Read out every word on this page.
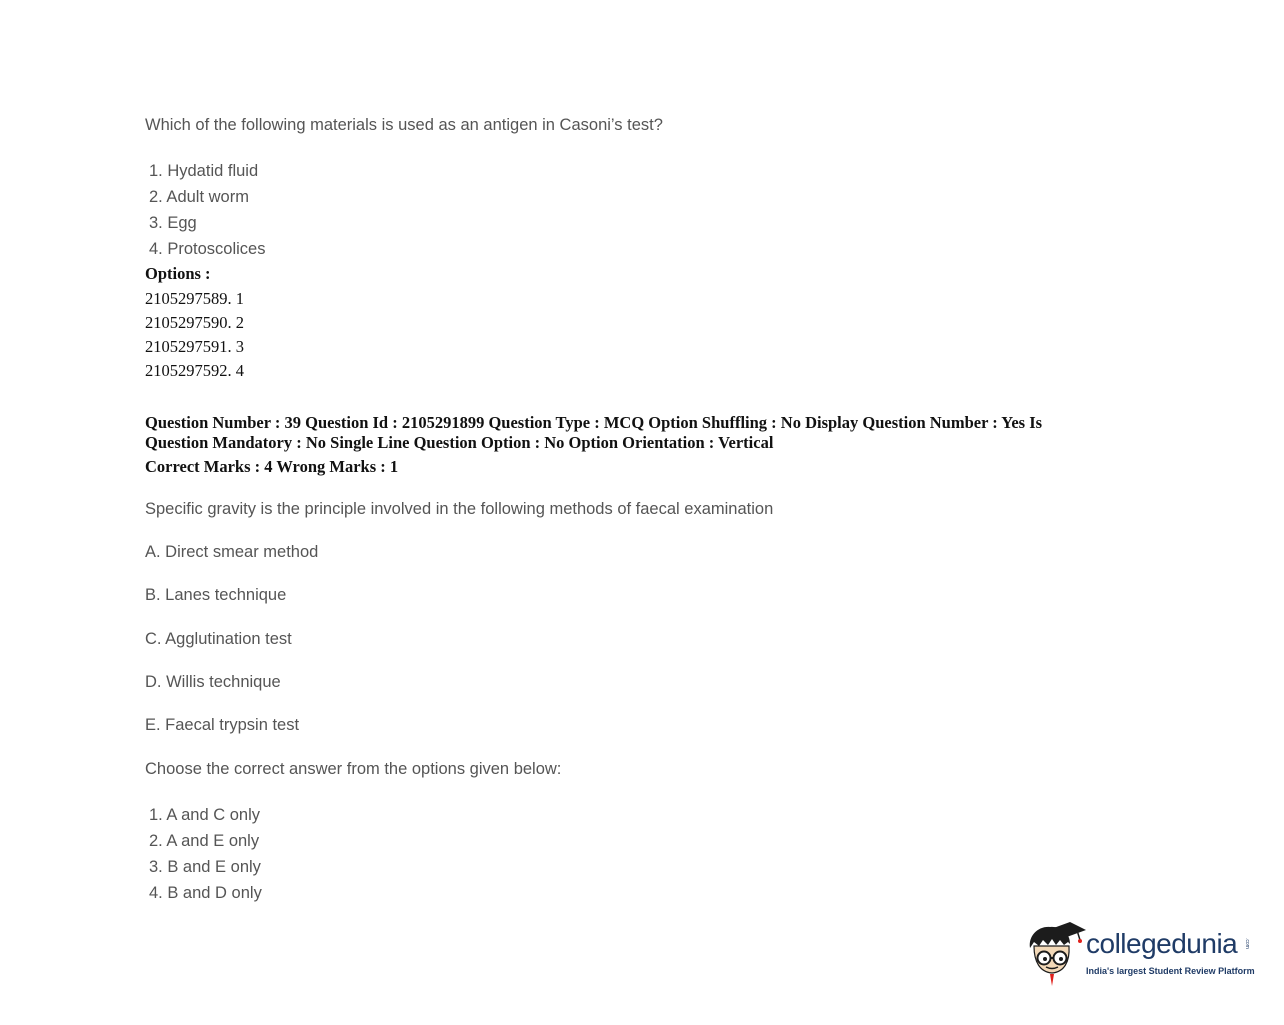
Which of the following materials is used as an antigen in Casoni’s test?
1. Hydatid fluid
2. Adult worm
3. Egg
4. Protoscolices
Options :
2105297589. 1
2105297590. 2
2105297591. 3
2105297592. 4
Question Number : 39 Question Id : 2105291899 Question Type : MCQ Option Shuffling : No Display Question Number : Yes Is Question Mandatory : No Single Line Question Option : No Option Orientation : Vertical
Correct Marks : 4 Wrong Marks : 1
Specific gravity is the principle involved in the following methods of faecal examination
A. Direct smear method
B. Lanes technique
C. Agglutination test
D. Willis technique
E. Faecal trypsin test
Choose the correct answer from the options given below:
1. A and C only
2. A and E only
3. B and E only
4. B and D only
collegedunia .com
India's largest Student Review Platform
